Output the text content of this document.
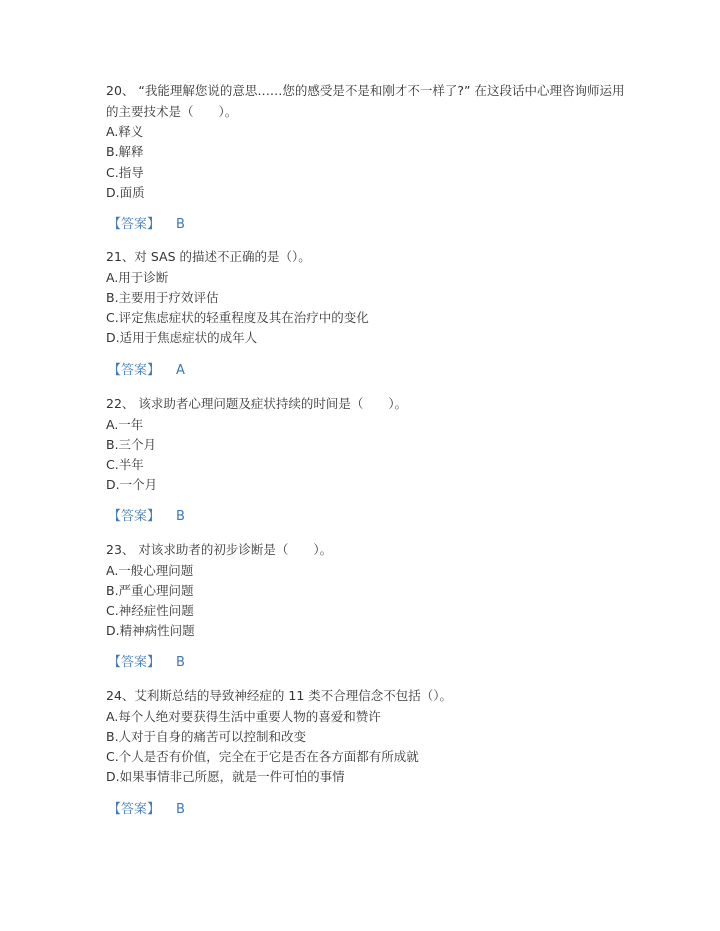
20、 “我能理解您说的意思……您的感受是不是和刚才不一样了?” 在这段话中心理咨询师运用的主要技术是（　　）。

A.释义

B.解释

C.指导

D.面质

【答案】 B

21、对 SAS 的描述不正确的是（）。

A.用于诊断

B.主要用于疗效评估

C.评定焦虑症状的轻重程度及其在治疗中的变化

D.适用于焦虑症状的成年人

【答案】 A

22、 该求助者心理问题及症状持续的时间是（　　）。

A.一年

B.三个月

C.半年

D.一个月

【答案】 B

23、 对该求助者的初步诊断是（　　）。

A.一般心理问题

B.严重心理问题

C.神经症性问题

D.精神病性问题

【答案】 B

24、艾利斯总结的导致神经症的 11 类不合理信念不包括（）。

A.每个人绝对要获得生活中重要人物的喜爱和赞许

B.人对于自身的痛苦可以控制和改变

C.个人是否有价值，完全在于它是否在各方面都有所成就

D.如果事情非己所愿，就是一件可怕的事情

【答案】 B
